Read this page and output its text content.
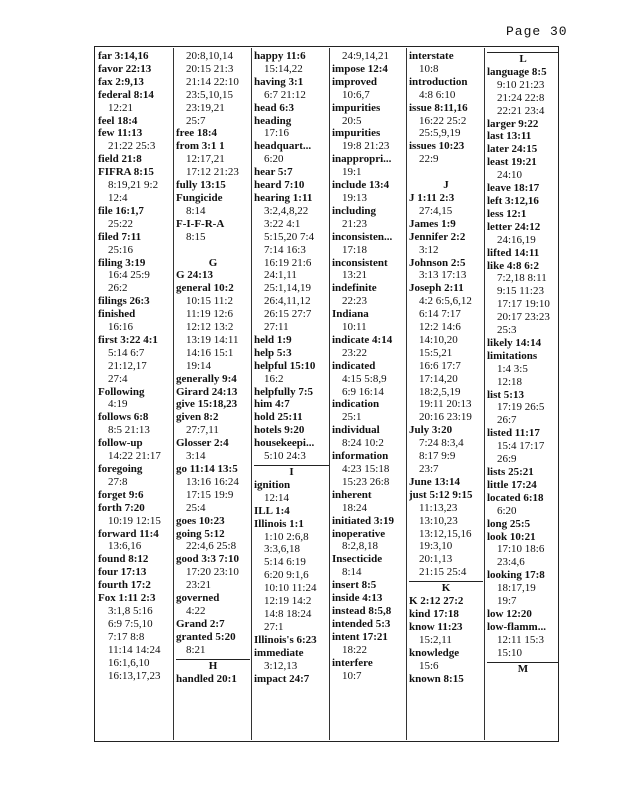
Page 30
far 3:14,16
favor 22:13
fax 2:9,13
federal 8:14
12:21
feel 18:4
few 11:13
21:22 25:3
field 21:8
FIFRA 8:15
8:19,21 9:2
12:4
file 16:1,7
25:22
filed 7:11
25:16
filing 3:19
16:4 25:9
26:2
filings 26:3
finished
16:16
first 3:22 4:1
5:14 6:7
21:12,17
27:4
Following
4:19
follows 6:8
8:5 21:13
follow-up
14:22 21:17
foregoing
27:8
forget 9:6
forth 7:20
10:19 12:15
forward 11:4
13:6,16
found 8:12
four 17:13
fourth 17:2
Fox 1:11 2:3
3:1,8 5:16
6:9 7:5,10
7:17 8:8
11:14 14:24
16:1,6,10
16:13,17,23
20:8,10,14
20:15 21:3
21:14 22:10
23:5,10,15
23:19,21
25:7
free 18:4
from 3:1 1
12:17,21
17:12 21:23
fully 13:15
Fungicide
8:14
F-I-F-R-A
8:15

G
G 24:13
general 10:2
10:15 11:2
11:19 12:6
12:12 13:2
13:19 14:11
14:16 15:1
19:14
generally 9:4
Girard 24:13
give 15:18,23
given 8:2
27:7,11
Glosser 2:4
3:14
go 11:14 13:5
13:16 16:24
17:15 19:9
25:4
goes 10:23
going 5:12
22:4,6 25:8
good 3:3 7:10
17:20 23:10
23:21
governed
4:22
Grand 2:7
granted 5:20
8:21
H
handled 20:1
happy 11:6
15:14,22
having 3:1
6:7 21:12
head 6:3
heading
17:16
headquart...
6:20
hear 5:7
heard 7:10
hearing 1:11
3:2,4,8,22
3:22 4:1
5:15,20 7:4
7:14 16:3
16:19 21:6
24:1,11
25:1,14,19
26:4,11,12
26:15 27:7
27:11
held 1:9
help 5:3
helpful 15:10
16:2
helpfully 7:5
him 4:7
hold 25:11
hotels 9:20
housekeepi...
5:10 24:3
I
ignition
12:14
ILL 1:4
Illinois 1:1
1:10 2:6,8
3:3,6,18
5:14 6:19
6:20 9:1,6
10:10 11:24
12:19 14:2
14:8 18:24
27:1
Illinois's 6:23
immediate
3:12,13
impact 24:7
24:9,14,21
impose 12:4
improved
10:6,7
impurities
20:5
impurities
19:8 21:23
inappropri...
19:1
include 13:4
19:13
including
21:23
inconsisten...
17:18
inconsistent
13:21
indefinite
22:23
Indiana
10:11
indicate 4:14
23:22
indicated
4:15 5:8,9
6:9 16:14
indication
25:1
individual
8:24 10:2
information
4:23 15:18
15:23 26:8
inherent
18:24
initiated 3:19
inoperative
8:2,8,18
Insecticide
8:14
insert 8:5
inside 4:13
instead 8:5,8
intended 5:3
intent 17:21
18:22
interfere
10:7
interstate
10:8
introduction
4:8 6:10
issue 8:11,16
16:22 25:2
25:5,9,19
issues 10:23
22:9

J
J 1:11 2:3
27:4,15
James 1:9
Jennifer 2:2
3:12
Johnson 2:5
3:13 17:13
Joseph 2:11
4:2 6:5,6,12
6:14 7:17
12:2 14:6
14:10,20
15:5,21
16:6 17:7
17:14,20
18:2,5,19
19:11 20:13
20:16 23:19
July 3:20
7:24 8:3,4
8:17 9:9
23:7
June 13:14
just 5:12 9:15
11:13,23
13:10,23
13:12,15,16
19:3,10
20:1,13
21:15 25:4
K
K 2:12 27:2
kind 17:18
know 11:23
15:2,11
knowledge
15:6
known 8:15
L
language 8:5
9:10 21:23
21:24 22:8
22:21 23:4
larger 9:22
last 13:11
later 24:15
least 19:21
24:10
leave 18:17
left 3:12,16
less 12:1
letter 24:12
24:16,19
lifted 14:11
like 4:8 6:2
7:2,18 8:11
9:15 11:23
17:17 19:10
20:17 23:23
25:3
likely 14:14
limitations
1:4 3:5
12:18
list 5:13
17:19 26:5
26:7
listed 11:17
15:4 17:17
26:9
lists 25:21
little 17:24
located 6:18
6:20
long 25:5
look 10:21
17:10 18:6
23:4,6
looking 17:8
18:17,19
19:7
low 12:20
low-flamm...
12:11 15:3
15:10
M
